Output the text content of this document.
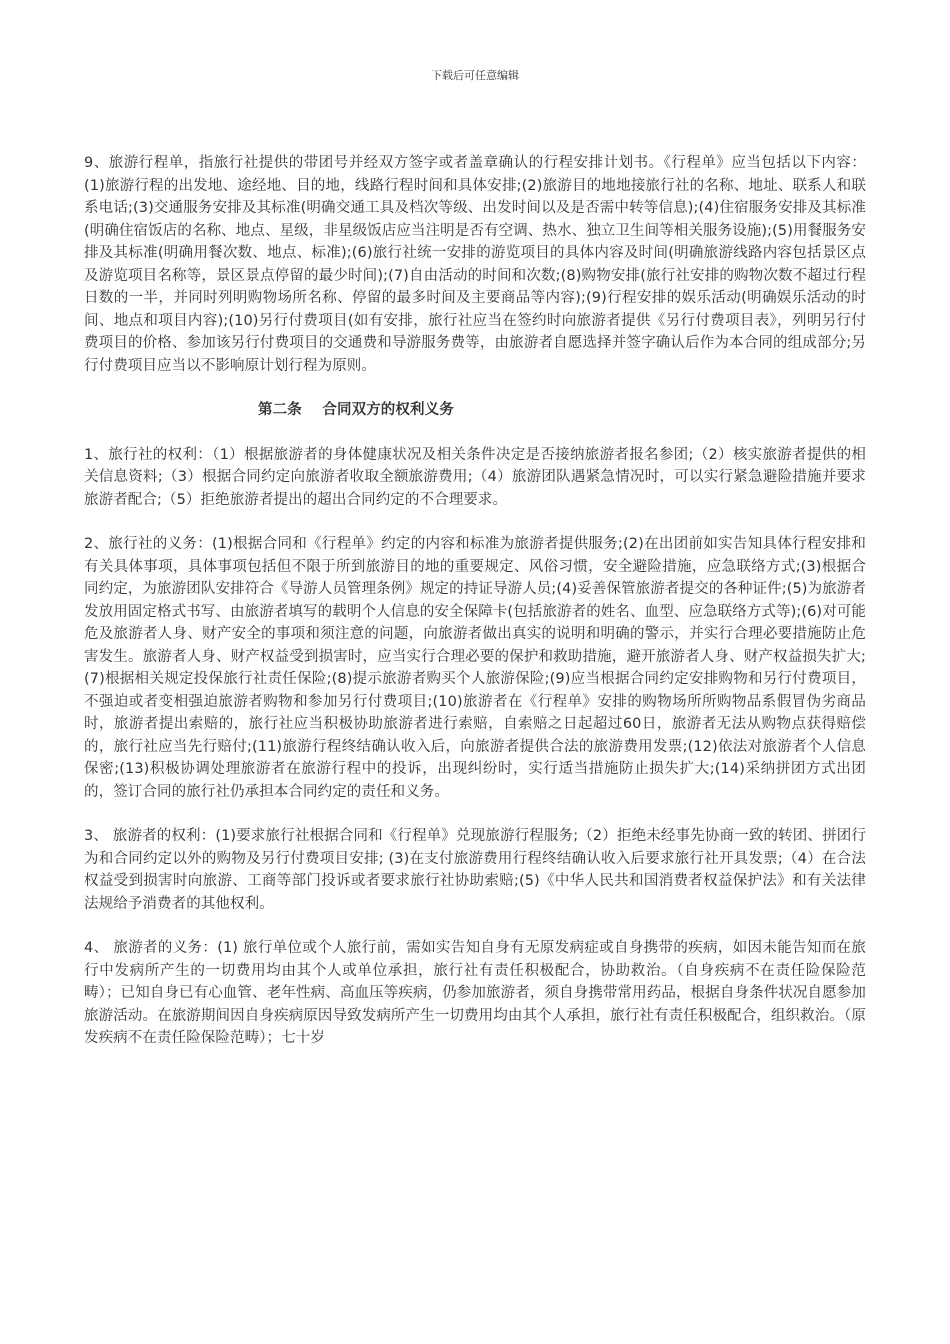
下载后可任意编辑

9、旅游行程单，指旅行社提供的带团号并经双方签字或者盖章确认的行程安排计划书。《行程单》应当包括以下内容：(1)旅游行程的出发地、途经地、目的地，线路行程时间和具体安排;(2)旅游目的地地接旅行社的名称、地址、联系人和联系电话;(3)交通服务安排及其标准(明确交通工具及档次等级、出发时间以及是否需中转等信息);(4)住宿服务安排及其标准(明确住宿饭店的名称、地点、星级，非星级饭店应当注明是否有空调、热水、独立卫生间等相关服务设施);(5)用餐服务安排及其标准(明确用餐次数、地点、标准);(6)旅行社统一安排的游览项目的具体内容及时间(明确旅游线路内容包括景区点及游览项目名称等，景区景点停留的最少时间);(7)自由活动的时间和次数;(8)购物安排(旅行社安排的购物次数不超过行程日数的一半，并同时列明购物场所名称、停留的最多时间及主要商品等内容);(9)行程安排的娱乐活动(明确娱乐活动的时间、地点和项目内容);(10)另行付费项目(如有安排，旅行社应当在签约时向旅游者提供《另行付费项目表》，列明另行付费项目的价格、参加该另行付费项目的交通费和导游服务费等，由旅游者自愿选择并签字确认后作为本合同的组成部分;另行付费项目应当以不影响原计划行程为原则。

第二条    合同双方的权利义务

1、旅行社的权利：（1）根据旅游者的身体健康状况及相关条件决定是否接纳旅游者报名参团;（2）核实旅游者提供的相关信息资料;（3）根据合同约定向旅游者收取全额旅游费用;（4）旅游团队遇紧急情况时，可以实行紧急避险措施并要求旅游者配合;（5）拒绝旅游者提出的超出合同约定的不合理要求。

2、旅行社的义务：(1)根据合同和《行程单》约定的内容和标准为旅游者提供服务;(2)在出团前如实告知具体行程安排和有关具体事项，具体事项包括但不限于所到旅游目的地的重要规定、风俗习惯，安全避险措施，应急联络方式;(3)根据合同约定，为旅游团队安排符合《导游人员管理条例》规定的持证导游人员;(4)妥善保管旅游者提交的各种证件;(5)为旅游者发放用固定格式书写、由旅游者填写的载明个人信息的安全保障卡(包括旅游者的姓名、血型、应急联络方式等);(6)对可能危及旅游者人身、财产安全的事项和须注意的问题，向旅游者做出真实的说明和明确的警示，并实行合理必要措施防止危害发生。旅游者人身、财产权益受到损害时，应当实行合理必要的保护和救助措施，避开旅游者人身、财产权益损失扩大; (7)根据相关规定投保旅行社责任保险;(8)提示旅游者购买个人旅游保险;(9)应当根据合同约定安排购物和另行付费项目，不强迫或者变相强迫旅游者购物和参加另行付费项目;(10)旅游者在《行程单》安排的购物场所所购物品系假冒伪劣商品时，旅游者提出索赔的，旅行社应当积极协助旅游者进行索赔，自索赔之日起超过60日，旅游者无法从购物点获得赔偿的，旅行社应当先行赔付;(11)旅游行程终结确认收入后，向旅游者提供合法的旅游费用发票;(12)依法对旅游者个人信息保密;(13)积极协调处理旅游者在旅游行程中的投诉，出现纠纷时，实行适当措施防止损失扩大;(14)采纳拼团方式出团的，签订合同的旅行社仍承担本合同约定的责任和义务。

3、 旅游者的权利：(1)要求旅行社根据合同和《行程单》兑现旅游行程服务;（2）拒绝未经事先协商一致的转团、拼团行为和合同约定以外的购物及另行付费项目安排; (3)在支付旅游费用行程终结确认收入后要求旅行社开具发票;（4）在合法权益受到损害时向旅游、工商等部门投诉或者要求旅行社协助索赔;(5)《中华人民共和国消费者权益保护法》和有关法律法规给予消费者的其他权利。

4、 旅游者的义务：(1) 旅行单位或个人旅行前，需如实告知自身有无原发病症或自身携带的疾病，如因未能告知而在旅行中发病所产生的一切费用均由其个人或单位承担，旅行社有责任积极配合，协助救治。（自身疾病不在责任险保险范畴）；已知自身已有心血管、老年性病、高血压等疾病，仍参加旅游者，须自身携带常用药品，根据自身条件状况自愿参加旅游活动。在旅游期间因自身疾病原因导致发病所产生一切费用均由其个人承担，旅行社有责任积极配合，组织救治。（原发疾病不在责任险保险范畴）；七十岁
